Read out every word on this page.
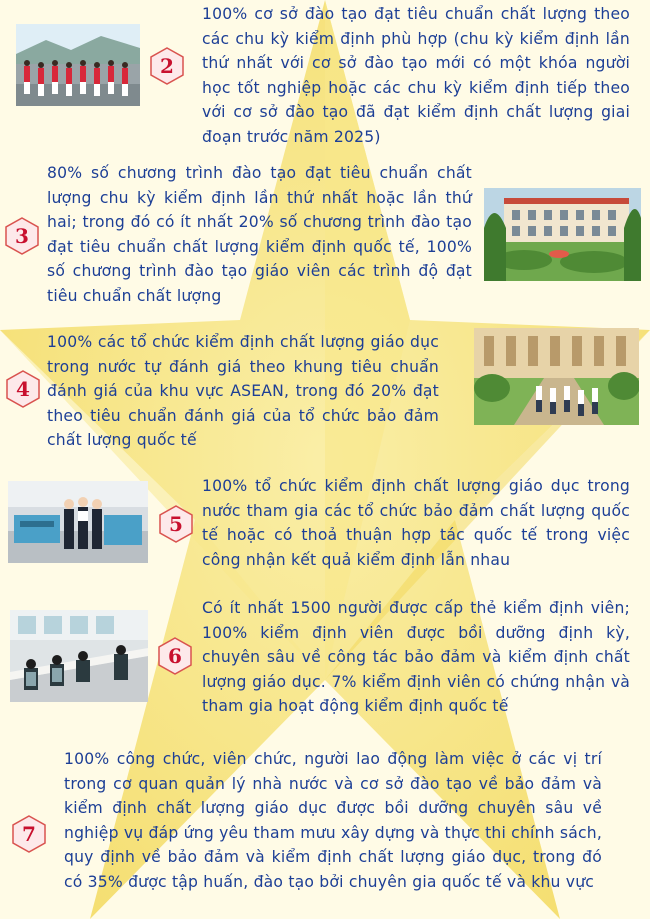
2
100% cơ sở đào tạo đạt tiêu chuẩn chất lượng theo các chu kỳ kiểm định phù hợp (chu kỳ kiểm định lần thứ nhất với cơ sở đào tạo mới có một khóa người học tốt nghiệp hoặc các chu kỳ kiểm định tiếp theo với cơ sở đào tạo đã đạt kiểm định chất lượng giai đoạn trước năm 2025)
3
80% số chương trình đào tạo đạt tiêu chuẩn chất lượng chu kỳ kiểm định lần thứ nhất hoặc lần thứ hai; trong đó có ít nhất 20% số chương trình đào tạo đạt tiêu chuẩn chất lượng kiểm định quốc tế, 100% số chương trình đào tạo giáo viên các trình độ đạt tiêu chuẩn chất lượng
4
100% các tổ chức kiểm định chất lượng giáo dục trong nước tự đánh giá theo khung tiêu chuẩn đánh giá của khu vực ASEAN, trong đó 20% đạt theo tiêu chuẩn đánh giá của tổ chức bảo đảm chất lượng quốc tế
5
100% tổ chức kiểm định chất lượng giáo dục trong nước tham gia các tổ chức bảo đảm chất lượng quốc tế hoặc có thoả thuận hợp tác quốc tế trong việc công nhận kết quả kiểm định lẫn nhau
6
Có ít nhất 1500 người được cấp thẻ kiểm định viên; 100% kiểm định viên được bồi dưỡng định kỳ, chuyên sâu về công tác bảo đảm và kiểm định chất lượng giáo dục. 7% kiểm định viên có chứng nhận và tham gia hoạt động kiểm định quốc tế
7
100% công chức, viên chức, người lao động làm việc ở các vị trí trong cơ quan quản lý nhà nước và cơ sở đào tạo về bảo đảm và kiểm định chất lượng giáo dục được bồi dưỡng chuyên sâu về nghiệp vụ đáp ứng yêu tham mưu xây dựng và thực thi chính sách, quy định về bảo đảm và kiểm định chất lượng giáo dục, trong đó có 35% được tập huấn, đào tạo bởi chuyên gia quốc tế và khu vực
